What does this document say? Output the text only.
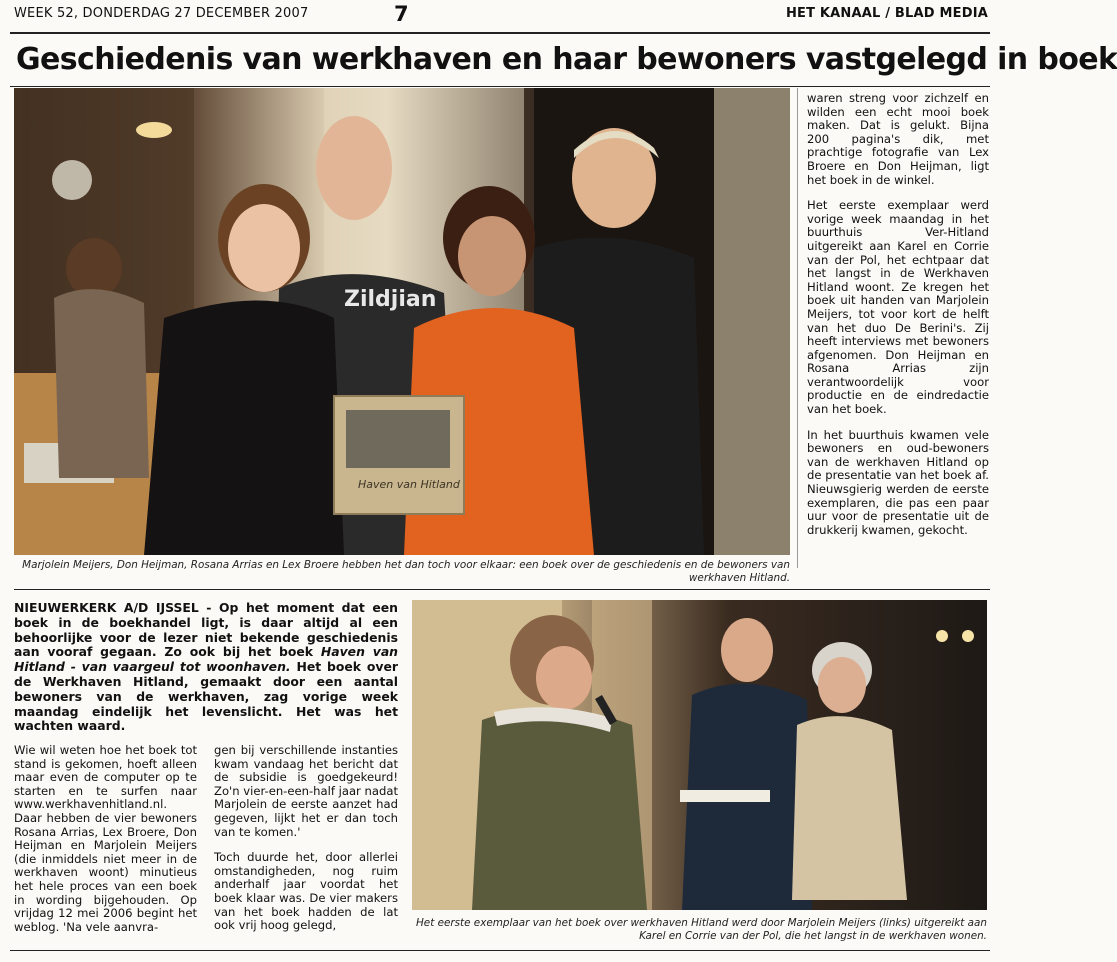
WEEK 52, DONDERDAG 27 DECEMBER 2007	7	HET KANAAL / BLAD MEDIA
Geschiedenis van werkhaven en haar bewoners vastgelegd in boek
Zildjian
Haven van Hitland
Marjolein Meijers, Don Heijman, Rosana Arrias en Lex Broere hebben het dan toch voor elkaar: een boek over de geschiedenis en de bewoners van werkhaven Hitland.

waren streng voor zichzelf en wilden een echt mooi boek maken. Dat is gelukt. Bijna 200 pagina's dik, met prachtige fotografie van Lex Broere en Don Heijman, ligt het boek in de winkel.

Het eerste exemplaar werd vorige week maandag in het buurthuis Ver-Hitland uitgereikt aan Karel en Corrie van der Pol, het echtpaar dat het langst in de Werkhaven Hitland woont. Ze kregen het boek uit handen van Marjolein Meijers, tot voor kort de helft van het duo De Berini's. Zij heeft interviews met bewoners afgenomen. Don Heijman en Rosana Arrias zijn verantwoordelijk voor productie en de eindredactie van het boek.

In het buurthuis kwamen vele bewoners en oud-bewoners van de werkhaven Hitland op de presentatie van het boek af. Nieuwsgierig werden de eerste exemplaren, die pas een paar uur voor de presentatie uit de drukkerij kwamen, gekocht.

NIEUWERKERK A/D IJSSEL - Op het moment dat een boek in de boekhandel ligt, is daar altijd al een behoorlijke voor de lezer niet bekende geschiedenis aan vooraf gegaan. Zo ook bij het boek Haven van Hitland - van vaargeul tot woonhaven. Het boek over de Werkhaven Hitland, gemaakt door een aantal bewoners van de werkhaven, zag vorige week maandag eindelijk het levenslicht. Het was het wachten waard.

Wie wil weten hoe het boek tot stand is gekomen, hoeft alleen maar even de computer op te starten en te surfen naar www.werkhavenhitland.nl. Daar hebben de vier bewoners Rosana Arrias, Lex Broere, Don Heijman en Marjolein Meijers (die inmiddels niet meer in de werkhaven woont) minutieus het hele proces van een boek in wording bijgehouden. Op vrijdag 12 mei 2006 begint het weblog. 'Na vele aanvra-

gen bij verschillende instanties kwam vandaag het bericht dat de subsidie is goedgekeurd! Zo'n vier-en-een-half jaar nadat Marjolein de eerste aanzet had gegeven, lijkt het er dan toch van te komen.'

Toch duurde het, door allerlei omstandigheden, nog ruim anderhalf jaar voordat het boek klaar was. De vier makers van het boek hadden de lat ook vrij hoog gelegd,	Het eerste exemplaar van het boek over werkhaven Hitland werd door Marjolein Meijers (links) uitgereikt aan Karel en Corrie van der Pol, die het langst in de werkhaven wonen.
